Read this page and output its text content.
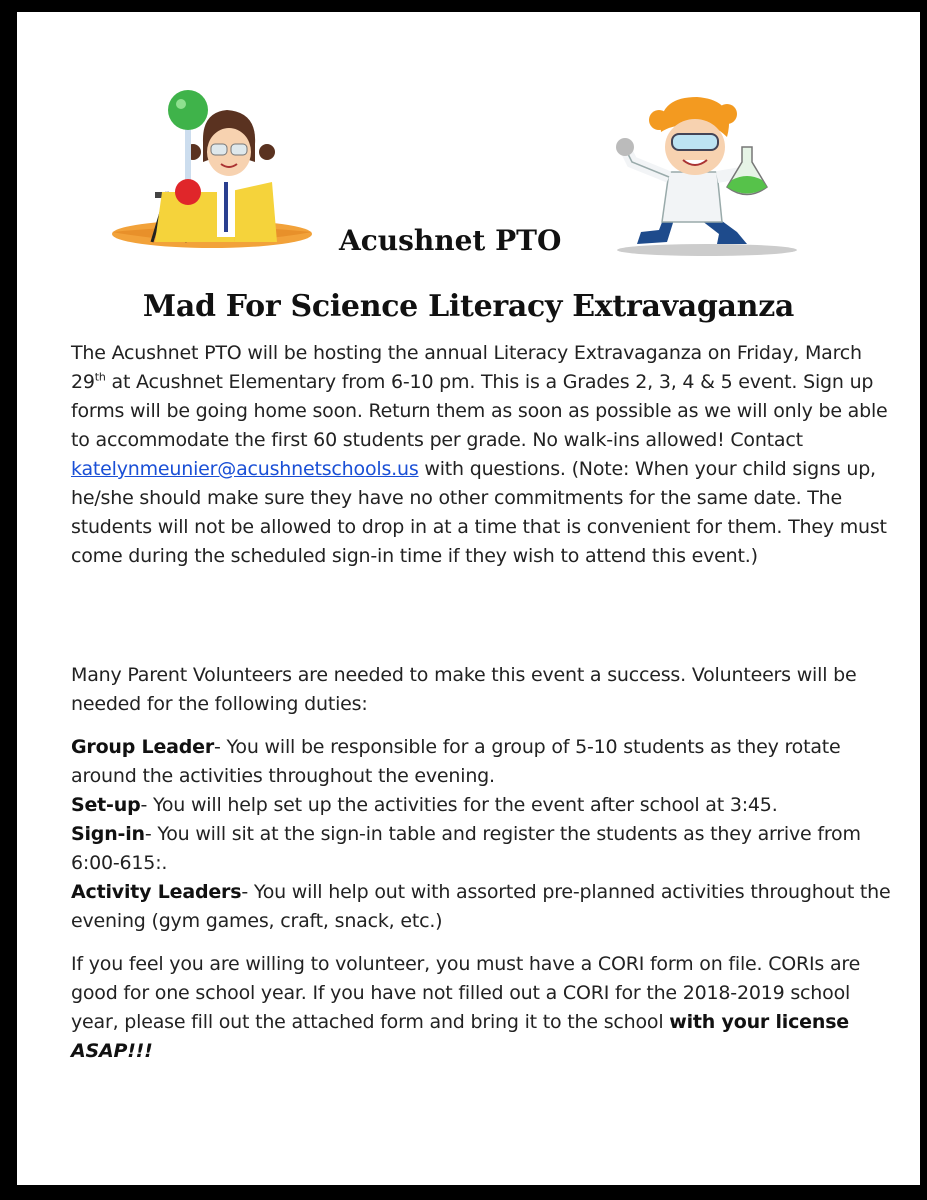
Acushnet PTO
Mad For Science Literacy Extravaganza

The Acushnet PTO will be hosting the annual Literacy Extravaganza on Friday, March 29th at Acushnet Elementary from 6-10 pm. This is a Grades 2, 3, 4 & 5 event. Sign up forms will be going home soon. Return them as soon as possible as we will only be able to accommodate the first 60 students per grade. No walk-ins allowed! Contact katelynmeunier@acushnetschools.us with questions. (Note: When your child signs up, he/she should make sure they have no other commitments for the same date. The students will not be allowed to drop in at a time that is convenient for them. They must come during the scheduled sign-in time if they wish to attend this event.)

Many Parent Volunteers are needed to make this event a success. Volunteers will be needed for the following duties:

Group Leader- You will be responsible for a group of 5-10 students as they rotate around the activities throughout the evening.

Set-up- You will help set up the activities for the event after school at 3:45.

Sign-in- You will sit at the sign-in table and register the students as they arrive from 6:00-615:.

Activity Leaders- You will help out with assorted pre-planned activities throughout the evening (gym games, craft, snack, etc.)

If you feel you are willing to volunteer, you must have a CORI form on file. CORIs are good for one school year. If you have not filled out a CORI for the 2018-2019 school year, please fill out the attached form and bring it to the school with your license ASAP!!!
